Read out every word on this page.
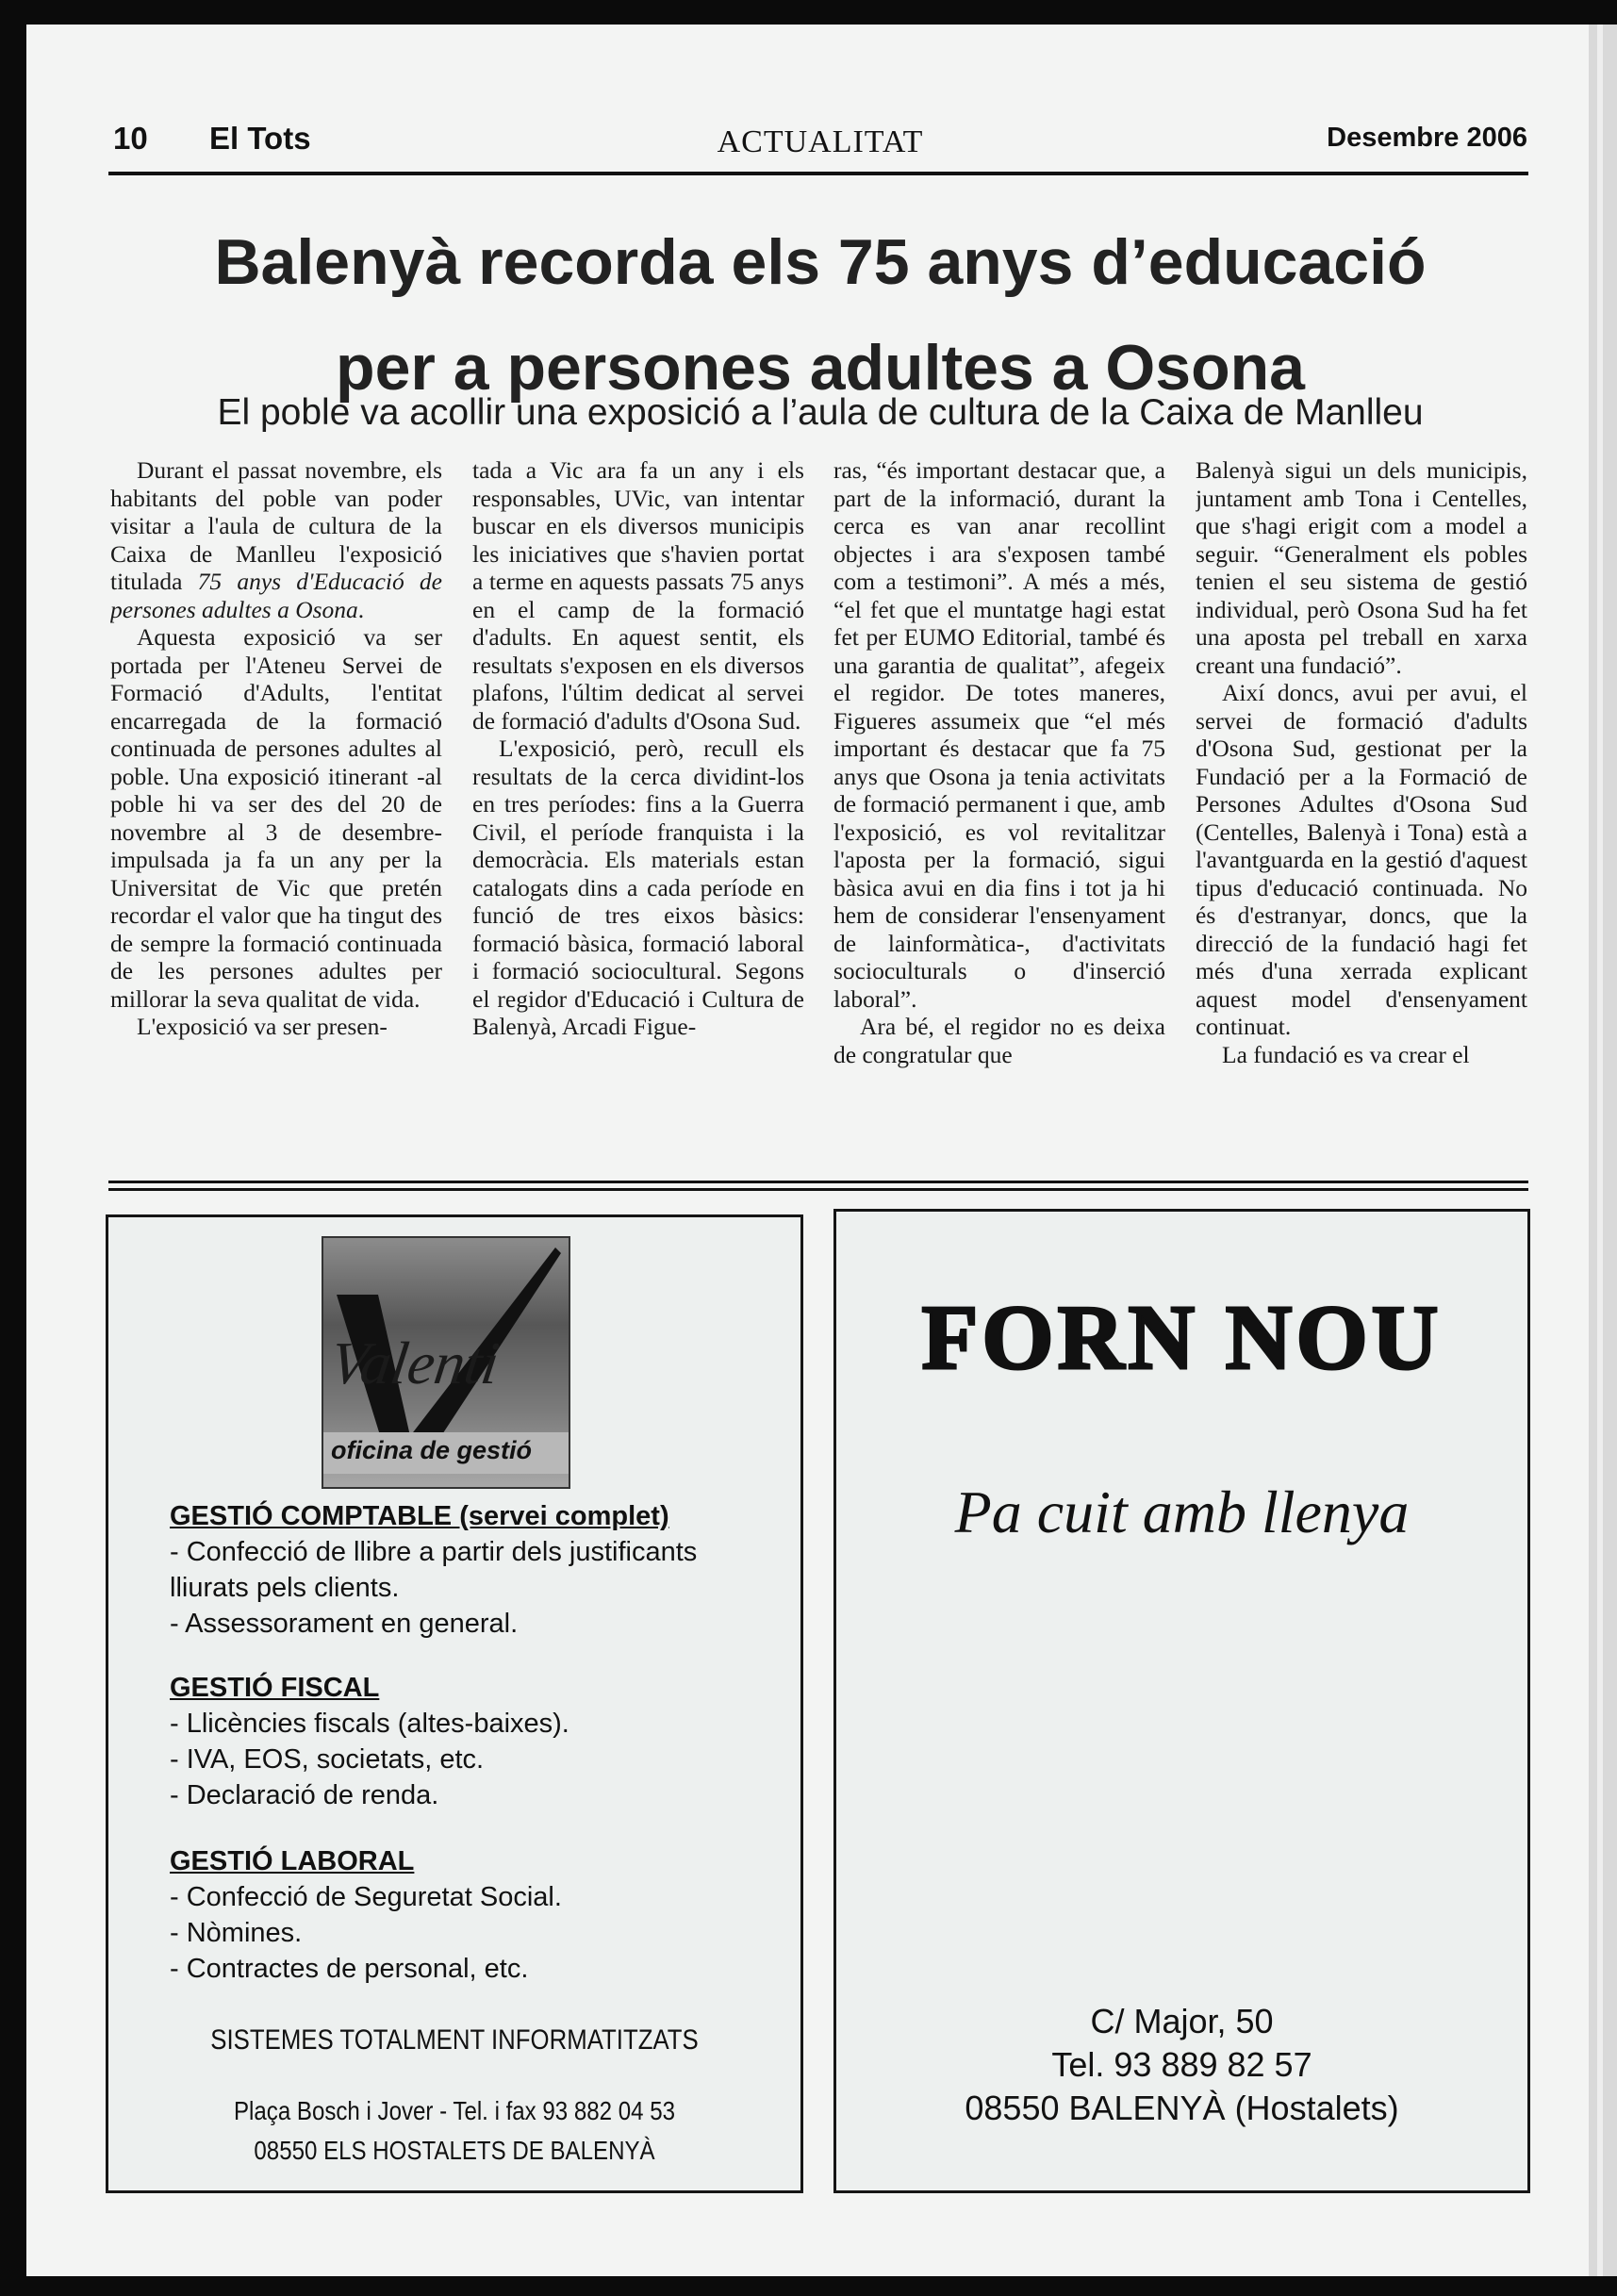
10 El Tots	ACTUALITAT	Desembre 2006
Balenyà recorda els 75 anys d’educació
per a persones adultes a Osona

El poble va acollir una exposició a l’aula de cultura de la Caixa de Manlleu

Durant el passat novembre, els habitants del poble van poder visitar a l'aula de cultura de la Caixa de Manlleu l'exposició titulada 75 anys d'Educació de persones adultes a Osona.

Aquesta exposició va ser portada per l'Ateneu Servei de Formació d'Adults, l'entitat encarregada de la formació continuada de persones adultes al poble. Una exposició itinerant -al poble hi va ser des del 20 de novembre al 3 de desembre- impulsada ja fa un any per la Universitat de Vic que pretén recordar el valor que ha tingut des de sempre la formació continuada de les persones adultes per millorar la seva qualitat de vida.

L'exposició va ser presen-

tada a Vic ara fa un any i els responsables, UVic, van intentar buscar en els diversos municipis les iniciatives que s'havien portat a terme en aquests passats 75 anys en el camp de la formació d'adults. En aquest sentit, els resultats s'exposen en els diversos plafons, l'últim dedicat al servei de formació d'adults d'Osona Sud.

L'exposició, però, recull els resultats de la cerca dividint-los en tres períodes: fins a la Guerra Civil, el període franquista i la democràcia. Els materials estan catalogats dins a cada període en funció de tres eixos bàsics: formació bàsica, formació laboral i formació sociocultural. Segons el regidor d'Educació i Cultura de Balenyà, Arcadi Figue-

ras, “és important destacar que, a part de la informació, durant la cerca es van anar recollint objectes i ara s'exposen també com a testimoni”. A més a més, “el fet que el muntatge hagi estat fet per EUMO Editorial, també és una garantia de qualitat”, afegeix el regidor. De totes maneres, Figueres assumeix que “el més important és destacar que fa 75 anys que Osona ja tenia activitats de formació permanent i que, amb l'exposició, es vol revitalitzar l'aposta per la formació, sigui bàsica avui en dia fins i tot ja hi hem de considerar l'ensenyament de lainformàtica-, d'activitats socioculturals o d'inserció laboral”.

Ara bé, el regidor no es deixa de congratular que

Balenyà sigui un dels municipis, juntament amb Tona i Centelles, que s'hagi erigit com a model a seguir. “Generalment els pobles tenien el seu sistema de gestió individual, però Osona Sud ha fet una aposta pel treball en xarxa creant una fundació”.

Així doncs, avui per avui, el servei de formació d'adults d'Osona Sud, gestionat per la Fundació per a la Formació de Persones Adultes d'Osona Sud (Centelles, Balenyà i Tona) està a l'avantguarda en la gestió d'aquest tipus d'educació continuada. No és d'estranyar, doncs, que la direcció de la fundació hagi fet més d'una xerrada explicant aquest model d'ensenyament continuat.

La fundació es va crear el

Valenti
oficina de gestió
GESTIÓ COMPTABLE (servei complet)
- Confecció de llibre a partir dels justificants lliurats pels clients.
- Assessorament en general.
GESTIÓ FISCAL
- Llicències fiscals (altes-baixes).
- IVA, EOS, societats, etc.
- Declaració de renda.
GESTIÓ LABORAL
- Confecció de Seguretat Social.
- Nòmines.
- Contractes de personal, etc.
SISTEMES TOTALMENT INFORMATITZATS
Plaça Bosch i Jover - Tel. i fax 93 882 04 53
08550 ELS HOSTALETS DE BALENYÀ
FORN NOU
Pa cuit amb llenya
C/ Major, 50
Tel. 93 889 82 57
08550 BALENYÀ (Hostalets)
